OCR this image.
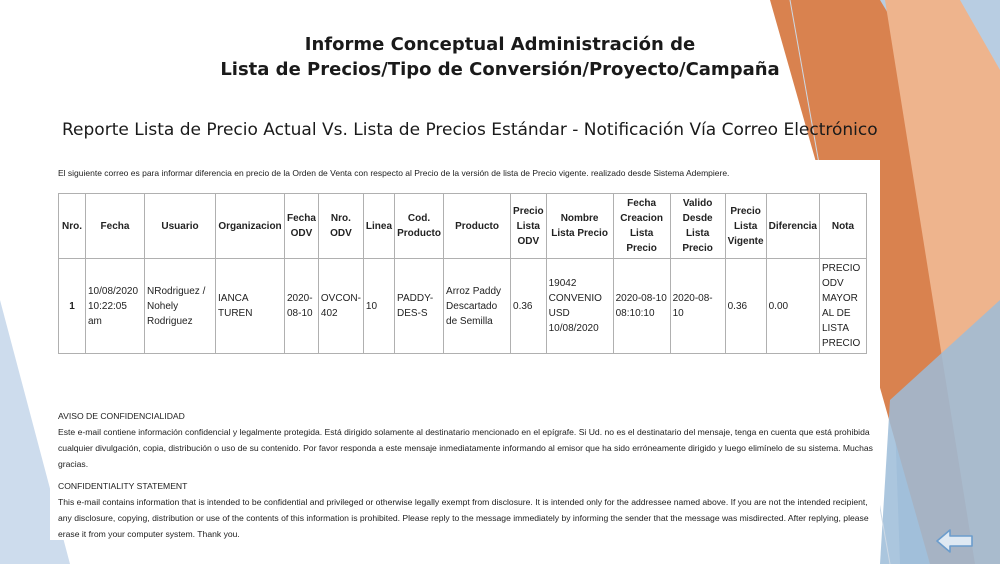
Informe Conceptual Administración de
Lista de Precios/Tipo de Conversión/Proyecto/Campaña
Reporte Lista de Precio Actual Vs. Lista de Precios Estándar - Notificación Vía Correo Electrónico
El siguiente correo es para informar diferencia en precio de la Orden de Venta con respecto al Precio de la versión de lista de Precio vigente. realizado desde Sistema Adempiere.
Nro.	Fecha	Usuario	Organizacion	Fecha ODV	Nro. ODV	Linea	Cod. Producto	Producto	Precio Lista ODV	Nombre Lista Precio	Fecha Creacion Lista Precio	Valido Desde Lista Precio	Precio Lista Vigente	Diferencia	Nota
1	10/08/2020 10:22:05 am	NRodriguez / Nohely Rodriguez	IANCA TUREN	2020-08-10	OVCON-402	10	PADDY-DES-S	Arroz Paddy Descartado de Semilla	0.36	19042 CONVENIO USD 10/08/2020	2020-08-10 08:10:10	2020-08-10	0.36	0.00	PRECIO ODV MAYOR AL DE LISTA PRECIO
AVISO DE CONFIDENCIALIDAD
Este e-mail contiene información confidencial y legalmente protegida. Está dirigido solamente al destinatario mencionado en el epígrafe. Si Ud. no es el destinatario del mensaje, tenga en cuenta que está prohibida cualquier divulgación, copia, distribución o uso de su contenido. Por favor responda a este mensaje inmediatamente informando al emisor que ha sido erróneamente dirigido y luego elimínelo de su sistema. Muchas gracias.
CONFIDENTIALITY STATEMENT
This e-mail contains information that is intended to be confidential and privileged or otherwise legally exempt from disclosure. It is intended only for the addressee named above. If you are not the intended recipient, any disclosure, copying, distribution or use of the contents of this information is prohibited. Please reply to the message immediately by informing the sender that the message was misdirected. After replying, please erase it from your computer system. Thank you.
